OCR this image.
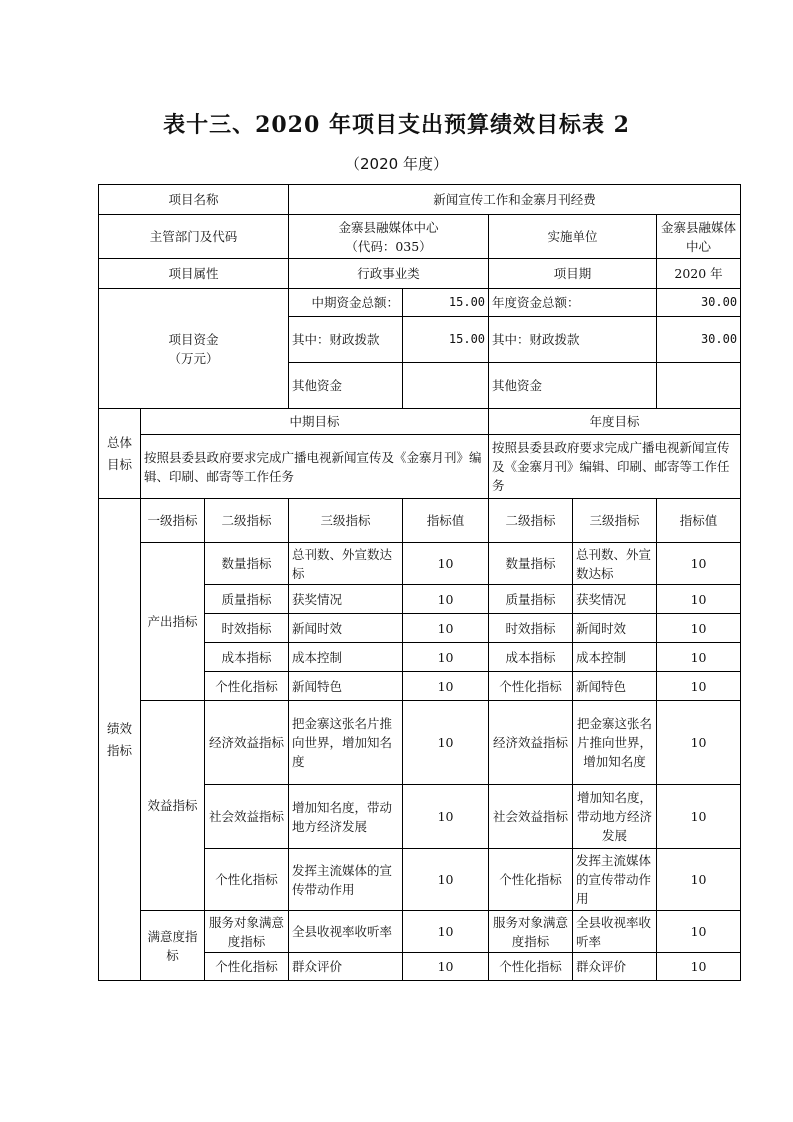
表十三、2020 年项目支出预算绩效目标表 2
（2020 年度）
项目名称			新闻宣传工作和金寨月刊经费				
主管部门及代码			金寨县融媒体中心
（代码：035）		实施单位		金寨县融媒体中心
项目属性			行政事业类		项目期		2020 年

项目资金
（万元）			中期资金总额：	15.00	年度资金总额：		30.00
			其中：财政拨款	15.00	其中：财政拨款		30.00
			其他资金		其他资金		
总体目标	中期目标				年度目标		
	按照县委县政府要求完成广播电视新闻宣传及《金寨月刊》编辑、印刷、邮寄等工作任务				按照县委县政府要求完成广播电视新闻宣传及《金寨月刊》编辑、印刷、邮寄等工作任务		
绩效指标	一级指标	二级指标	三级指标	指标值	二级指标	三级指标	指标值
	产出指标	数量指标	总刊数、外宣数达标	10	数量指标	总刊数、外宣数达标	10
		质量指标	获奖情况	10	质量指标	获奖情况	10
		时效指标	新闻时效	10	时效指标	新闻时效	10
		成本指标	成本控制	10	成本指标	成本控制	10
		个性化指标	新闻特色	10	个性化指标	新闻特色	10
	效益指标	经济效益指标	把金寨这张名片推向世界，增加知名度	10	经济效益指标	把金寨这张名片推向世界，增加知名度	10
		社会效益指标	增加知名度，带动地方经济发展	10	社会效益指标	增加知名度，带动地方经济发展	10
		个性化指标	发挥主流媒体的宣传带动作用	10	个性化指标	发挥主流媒体的宣传带动作用	10
	满意度指标	服务对象满意度指标	全县收视率收听率	10	服务对象满意度指标	全县收视率收听率	10
		个性化指标	群众评价	10	个性化指标	群众评价	10
